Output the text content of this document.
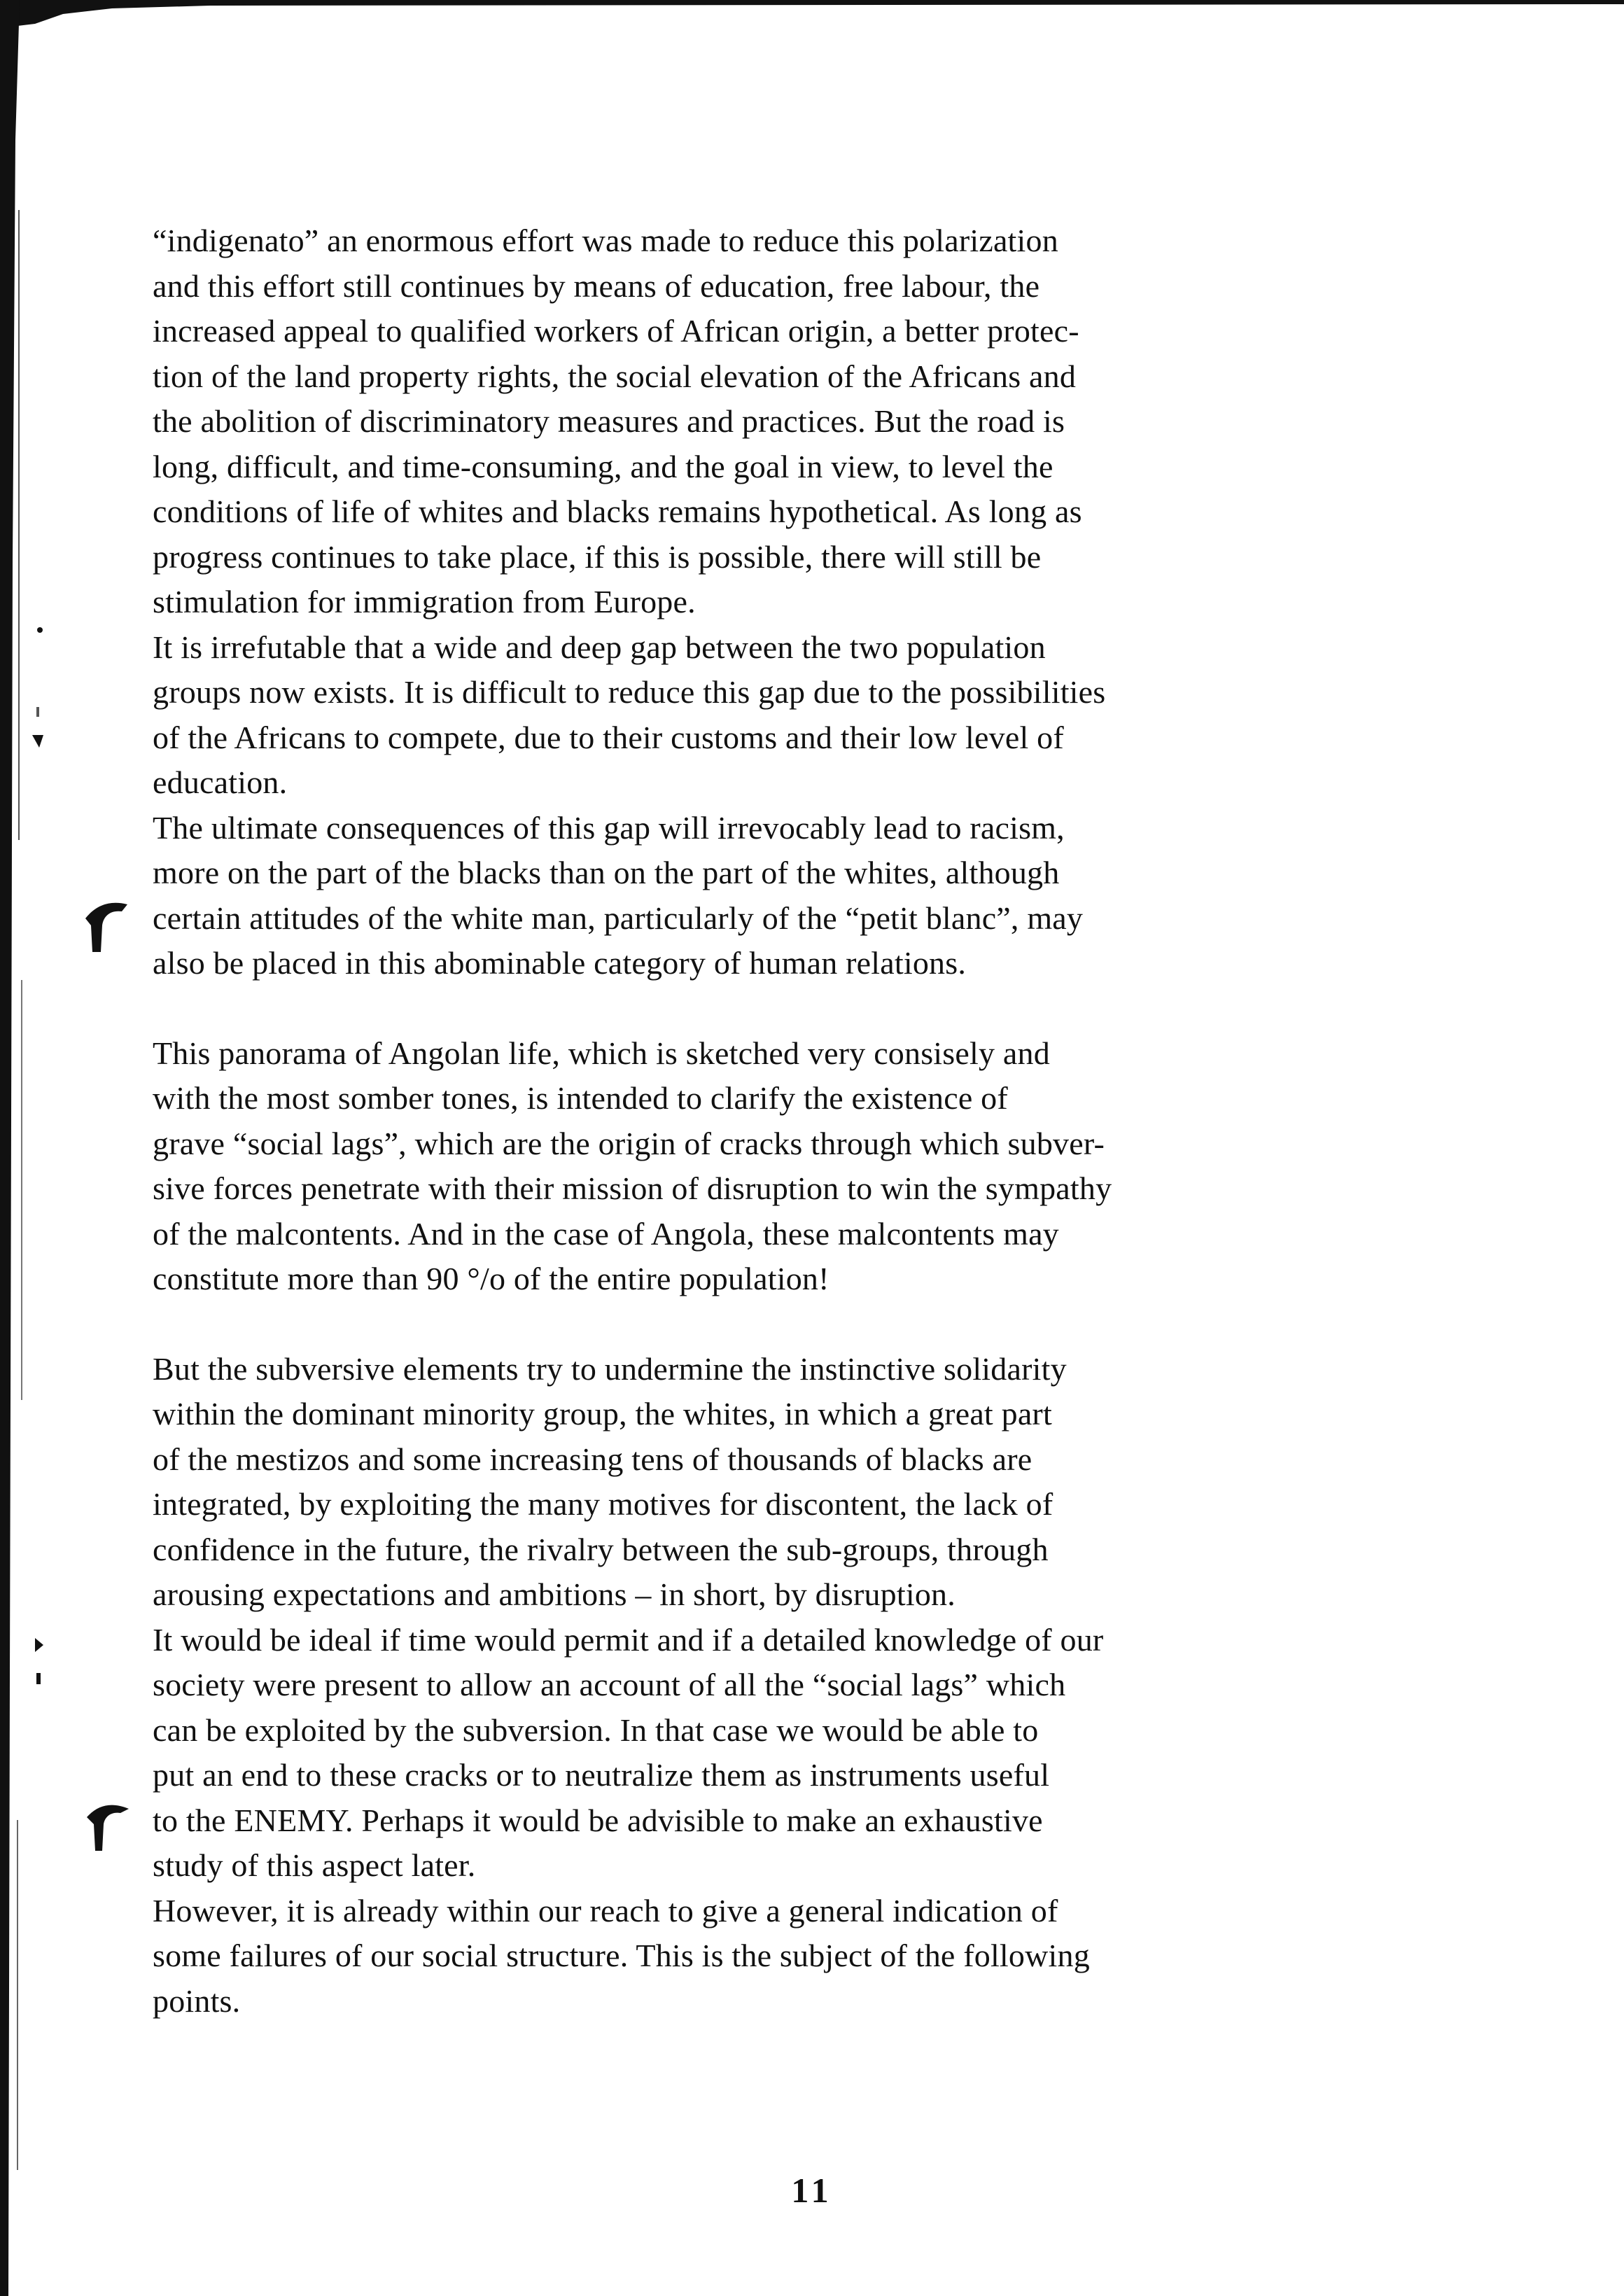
“indigenato” an enormous effort was made to reduce this polarization
and this effort still continues by means of education, free labour, the
increased appeal to qualified workers of African origin, a better protec-
tion of the land property rights, the social elevation of the Africans and
the abolition of discriminatory measures and practices. But the road is
long, difficult, and time-consuming, and the goal in view, to level the
conditions of life of whites and blacks remains hypothetical. As long as
progress continues to take place, if this is possible, there will still be
stimulation for immigration from Europe.

It is irrefutable that a wide and deep gap between the two population
groups now exists. It is difficult to reduce this gap due to the possibilities
of the Africans to compete, due to their customs and their low level of
education.

The ultimate consequences of this gap will irrevocably lead to racism,
more on the part of the blacks than on the part of the whites, although
certain attitudes of the white man, particularly of the “petit blanc”, may
also be placed in this abominable category of human relations.

This panorama of Angolan life, which is sketched very consisely and
with the most somber tones, is intended to clarify the existence of
grave “social lags”, which are the origin of cracks through which subver-
sive forces penetrate with their mission of disruption to win the sympathy
of the malcontents. And in the case of Angola, these malcontents may
constitute more than 90 °/o of the entire population!

But the subversive elements try to undermine the instinctive solidarity
within the dominant minority group, the whites, in which a great part
of the mestizos and some increasing tens of thousands of blacks are
integrated, by exploiting the many motives for discontent, the lack of
confidence in the future, the rivalry between the sub-groups, through
arousing expectations and ambitions – in short, by disruption.

It would be ideal if time would permit and if a detailed knowledge of our
society were present to allow an account of all the “social lags” which
can be exploited by the subversion. In that case we would be able to
put an end to these cracks or to neutralize them as instruments useful
to the ENEMY. Perhaps it would be advisible to make an exhaustive
study of this aspect later.

However, it is already within our reach to give a general indication of
some failures of our social structure. This is the subject of the following
points.

11
